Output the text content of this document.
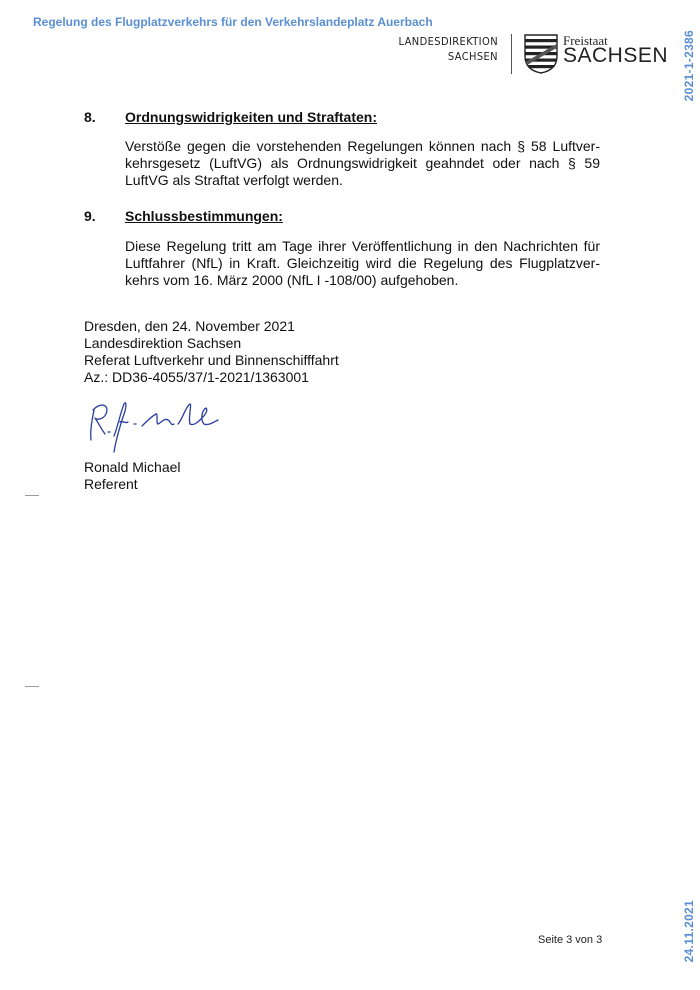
Regelung des Flugplatzverkehrs für den Verkehrslandeplatz Auerbach
2021-1-2386
24.11.2021
LANDESDIREKTION
SACHSEN
Freistaat
SACHSEN
8. Ordnungswidrigkeiten und Straftaten:
Verstöße gegen die vorstehenden Regelungen können nach § 58 Luftver-kehrsgesetz (LuftVG) als Ordnungswidrigkeit geahndet oder nach § 59 LuftVG als Straftat verfolgt werden.
9. Schlussbestimmungen:
Diese Regelung tritt am Tage ihrer Veröffentlichung in den Nachrichten für Luftfahrer (NfL) in Kraft. Gleichzeitig wird die Regelung des Flugplatzver-kehrs vom 16. März 2000 (NfL I -108/00) aufgehoben.
Dresden, den 24. November 2021
Landesdirektion Sachsen
Referat Luftverkehr und Binnenschifffahrt
Az.: DD36-4055/37/1-2021/1363001
Ronald Michael
Referent
Seite 3 von 3
